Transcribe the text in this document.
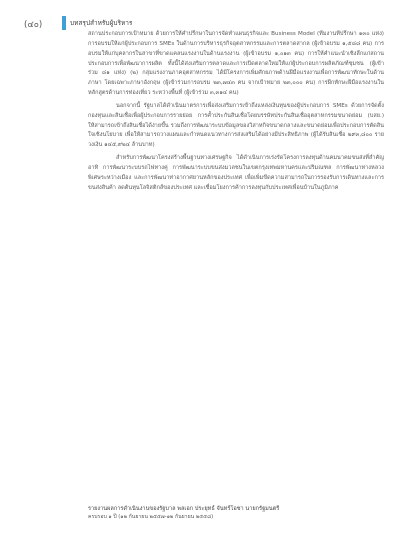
(๔๐)	บทสรุปสำหรับผู้บริหาร

สถานประกอบการเป้าหมาย ด้วยการให้คำปรึกษาในการจัดทำแผนธุรกิจและ Business Model (ทีมงานที่ปรึกษา ๑๓๐ แห่ง) การอบรมให้แก่ผู้ประกอบการ SMEs ในด้านการบริหารธุรกิจอุตสาหกรรมและการตลาดสากล (ผู้เข้าอบรม ๑,๕๘๘ คน) การอบรมให้แก่บุคลากรในสาขาที่ขาดแคลนแรงงานในด้านแรงงาน (ผู้เข้าอบรม ๑,๐๑๓ คน) การให้คำแนะนำเชิงลึกแก่สถานประกอบการเพื่อพัฒนาการผลิต ทั้งนี้ได้ส่งเสริมการตลาดและการเปิดตลาดใหม่ให้แก่ผู้ประกอบการผลิตภัณฑ์ชุมชน (ผู้เข้าร่วม ๘๑ แห่ง) (๒) กลุ่มแรงงานภาคอุตสาหกรรม ได้มีโครงการเพิ่มศักยภาพด้านฝีมือแรงงานเพื่อการพัฒนาทักษะในด้านภาษา โดยเฉพาะภาษาอังกฤษ (ผู้เข้าร่วมการอบรม ๒๓,๗๔๓ คน จากเป้าหมาย ๒๓,๐๐๐ คน) การฝึกทักษะฝีมือแรงงานในหลักสูตรด้านการท่องเที่ยว ระหว่างพื้นที่ (ผู้เข้าร่วม ๓,๓๑๔ คน)

นอกจากนี้ รัฐบาลได้ดำเนินมาตรการเพื่อส่งเสริมการเข้าถึงแหล่งเงินทุนของผู้ประกอบการ SMEs ด้วยการจัดตั้งกองทุนและสินเชื่อเพื่อผู้ประกอบการรายย่อย การค้ำประกันสินเชื่อโดยบรรษัทประกันสินเชื่ออุตสาหกรรมขนาดย่อม (บสย.) ให้สามารถเข้าถึงสินเชื่อได้ง่ายขึ้น รวมถึงการพัฒนาระบบข้อมูลของวิสาหกิจขนาดกลางและขนาดย่อมเพื่อประกอบการตัดสินใจเชิงนโยบาย เพื่อให้สามารถวางแผนและกำหนดแนวทางการส่งเสริมได้อย่างมีประสิทธิภาพ (ผู้ได้รับสินเชื่อ ๒๙๓,๘๐๐ ราย วงเงิน ๑๔๕,๙๒๔ ล้านบาท)

สำหรับการพัฒนาโครงสร้างพื้นฐานทางเศรษฐกิจ ได้ดำเนินการเร่งรัดโครงการลงทุนด้านคมนาคมขนส่งที่สำคัญ อาทิ การพัฒนาระบบรถไฟทางคู่ การพัฒนาระบบขนส่งมวลชนในเขตกรุงเทพมหานครและปริมณฑล การพัฒนาทางหลวงพิเศษระหว่างเมือง และการพัฒนาท่าอากาศยานหลักของประเทศ เพื่อเพิ่มขีดความสามารถในการรองรับการเดินทางและการขนส่งสินค้า ลดต้นทุนโลจิสติกส์ของประเทศ และเชื่อมโยงการค้าการลงทุนกับประเทศเพื่อนบ้านในภูมิภาค

รายงานผลการดำเนินงานของรัฐบาล พลเอก ประยุทธ์ จันทร์โอชา นายกรัฐมนตรี
ครบรอบ ๑ ปี (๑๒ กันยายน ๒๕๕๗-๑๒ กันยายน ๒๕๕๘)
